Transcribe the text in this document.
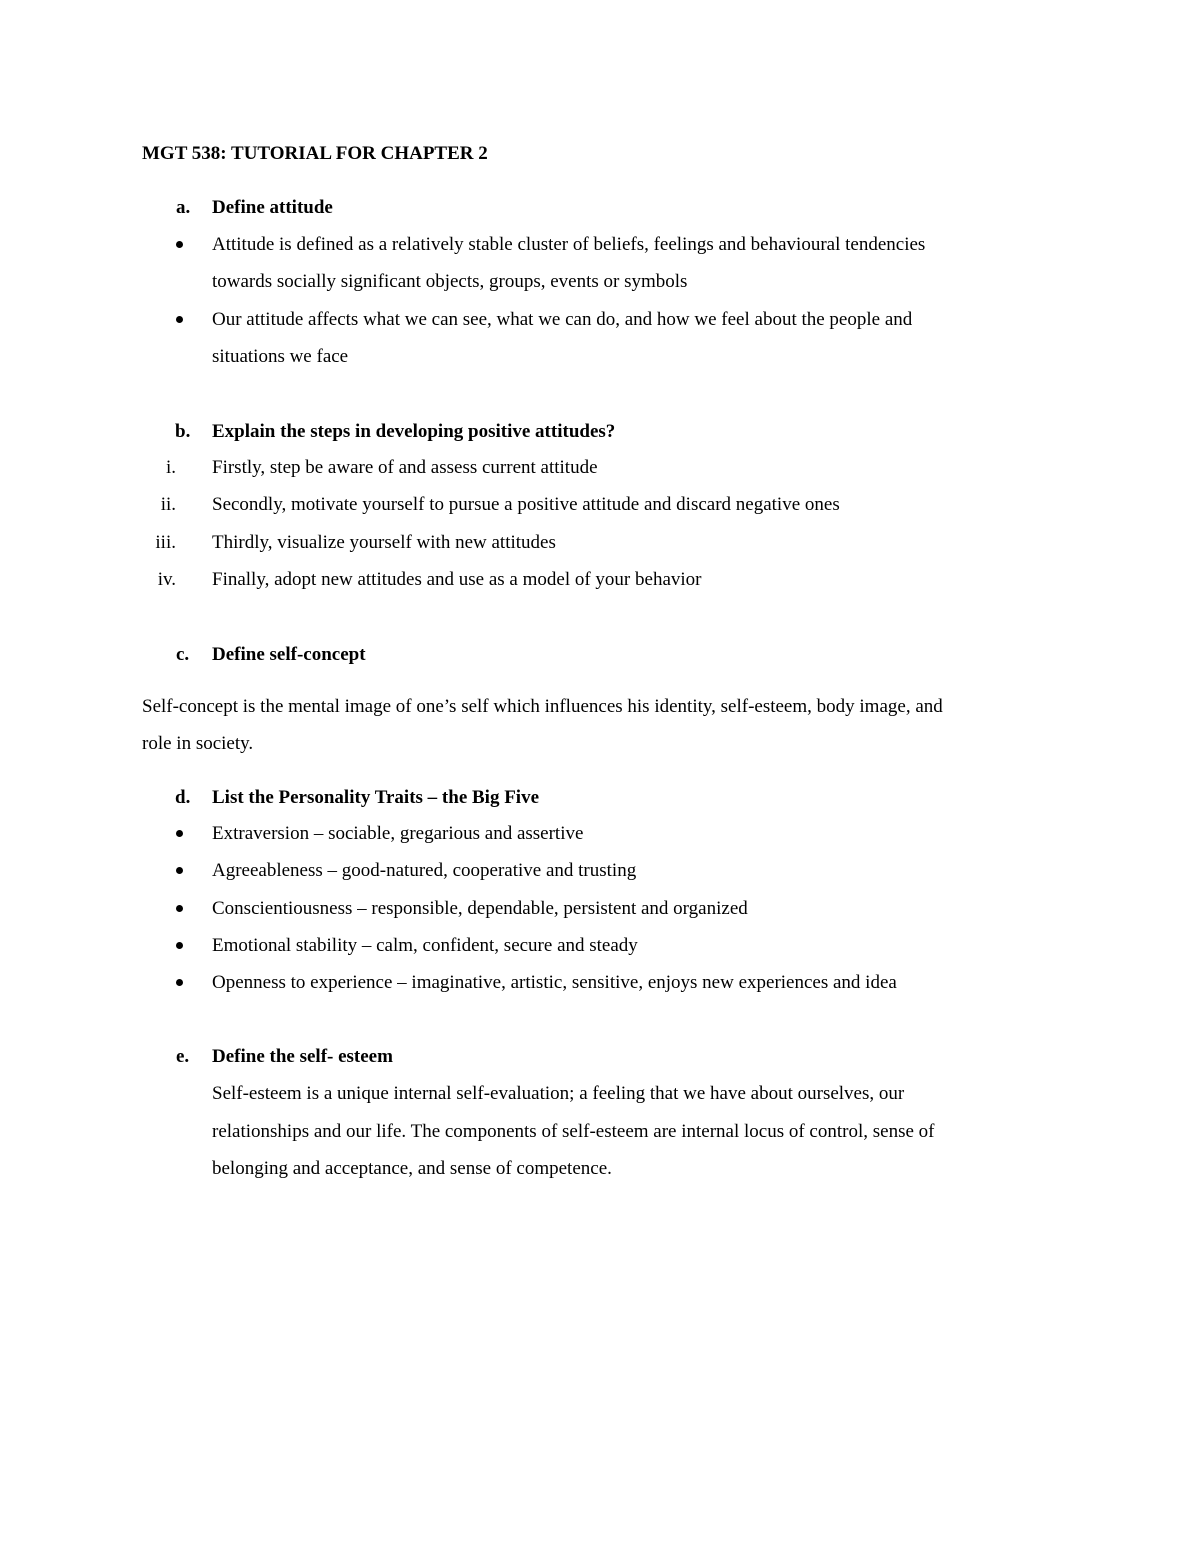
MGT 538: TUTORIAL FOR CHAPTER 2
a. Define attitude
Attitude is defined as a relatively stable cluster of beliefs, feelings and behavioural tendencies
towards socially significant objects, groups, events or symbols
Our attitude affects what we can see, what we can do, and how we feel about the people and
situations we face
b. Explain the steps in developing positive attitudes?
i. Firstly, step be aware of and assess current attitude
ii. Secondly, motivate yourself to pursue a positive attitude and discard negative ones
iii. Thirdly, visualize yourself with new attitudes
iv. Finally, adopt new attitudes and use as a model of your behavior
c. Define self-concept
Self-concept is the mental image of one’s self which influences his identity, self-esteem, body image, and
role in society.
d. List the Personality Traits – the Big Five
Extraversion – sociable, gregarious and assertive
Agreeableness – good-natured, cooperative and trusting
Conscientiousness – responsible, dependable, persistent and organized
Emotional stability – calm, confident, secure and steady
Openness to experience – imaginative, artistic, sensitive, enjoys new experiences and idea
e. Define the self- esteem
Self-esteem is a unique internal self-evaluation; a feeling that we have about ourselves, our
relationships and our life. The components of self-esteem are internal locus of control, sense of
belonging and acceptance, and sense of competence.
